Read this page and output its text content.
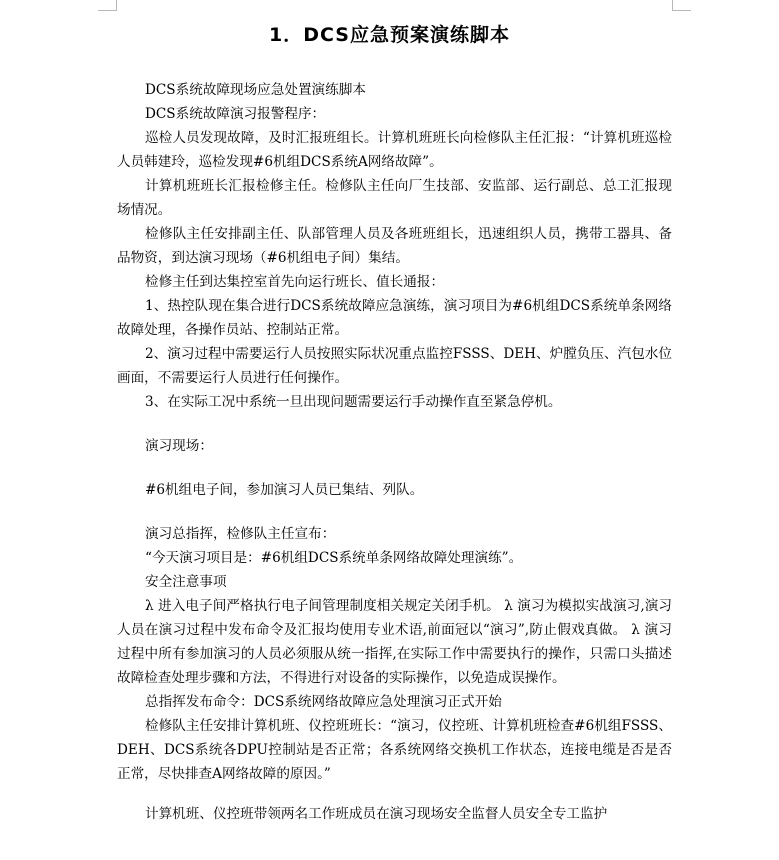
1．DCS应急预案演练脚本

DCS系统故障现场应急处置演练脚本

DCS系统故障演习报警程序：

巡检人员发现故障，及时汇报班组长。计算机班班长向检修队主任汇报：“计算机班巡检人员韩建玲，巡检发现#6机组DCS系统A网络故障”。

计算机班班长汇报检修主任。检修队主任向厂生技部、安监部、运行副总、总工汇报现场情况。

检修队主任安排副主任、队部管理人员及各班班组长，迅速组织人员，携带工器具、备品物资，到达演习现场（#6机组电子间）集结。

检修主任到达集控室首先向运行班长、值长通报：

1、热控队现在集合进行DCS系统故障应急演练，演习项目为#6机组DCS系统单条网络故障处理，各操作员站、控制站正常。

2、演习过程中需要运行人员按照实际状况重点监控FSSS、DEH、炉膛负压、汽包水位画面，不需要运行人员进行任何操作。

3、在实际工况中系统一旦出现问题需要运行手动操作直至紧急停机。

演习现场：

#6机组电子间，参加演习人员已集结、列队。

演习总指挥，检修队主任宣布：

“今天演习项目是：#6机组DCS系统单条网络故障处理演练”。

安全注意事项

λ 进入电子间严格执行电子间管理制度相关规定关闭手机。 λ 演习为模拟实战演习,演习人员在演习过程中发布命令及汇报均使用专业术语,前面冠以“演习”,防止假戏真做。 λ 演习过程中所有参加演习的人员必须服从统一指挥,在实际工作中需要执行的操作，只需口头描述故障检查处理步骤和方法，不得进行对设备的实际操作，以免造成误操作。

总指挥发布命令：DCS系统网络故障应急处理演习正式开始

检修队主任安排计算机班、仪控班班长：“演习，仪控班、计算机班检查#6机组FSSS、DEH、DCS系统各DPU控制站是否正常；各系统网络交换机工作状态，连接电缆是否是否正常，尽快排查A网络故障的原因。”

计算机班、仪控班带领两名工作班成员在演习现场安全监督人员安全专工监护
